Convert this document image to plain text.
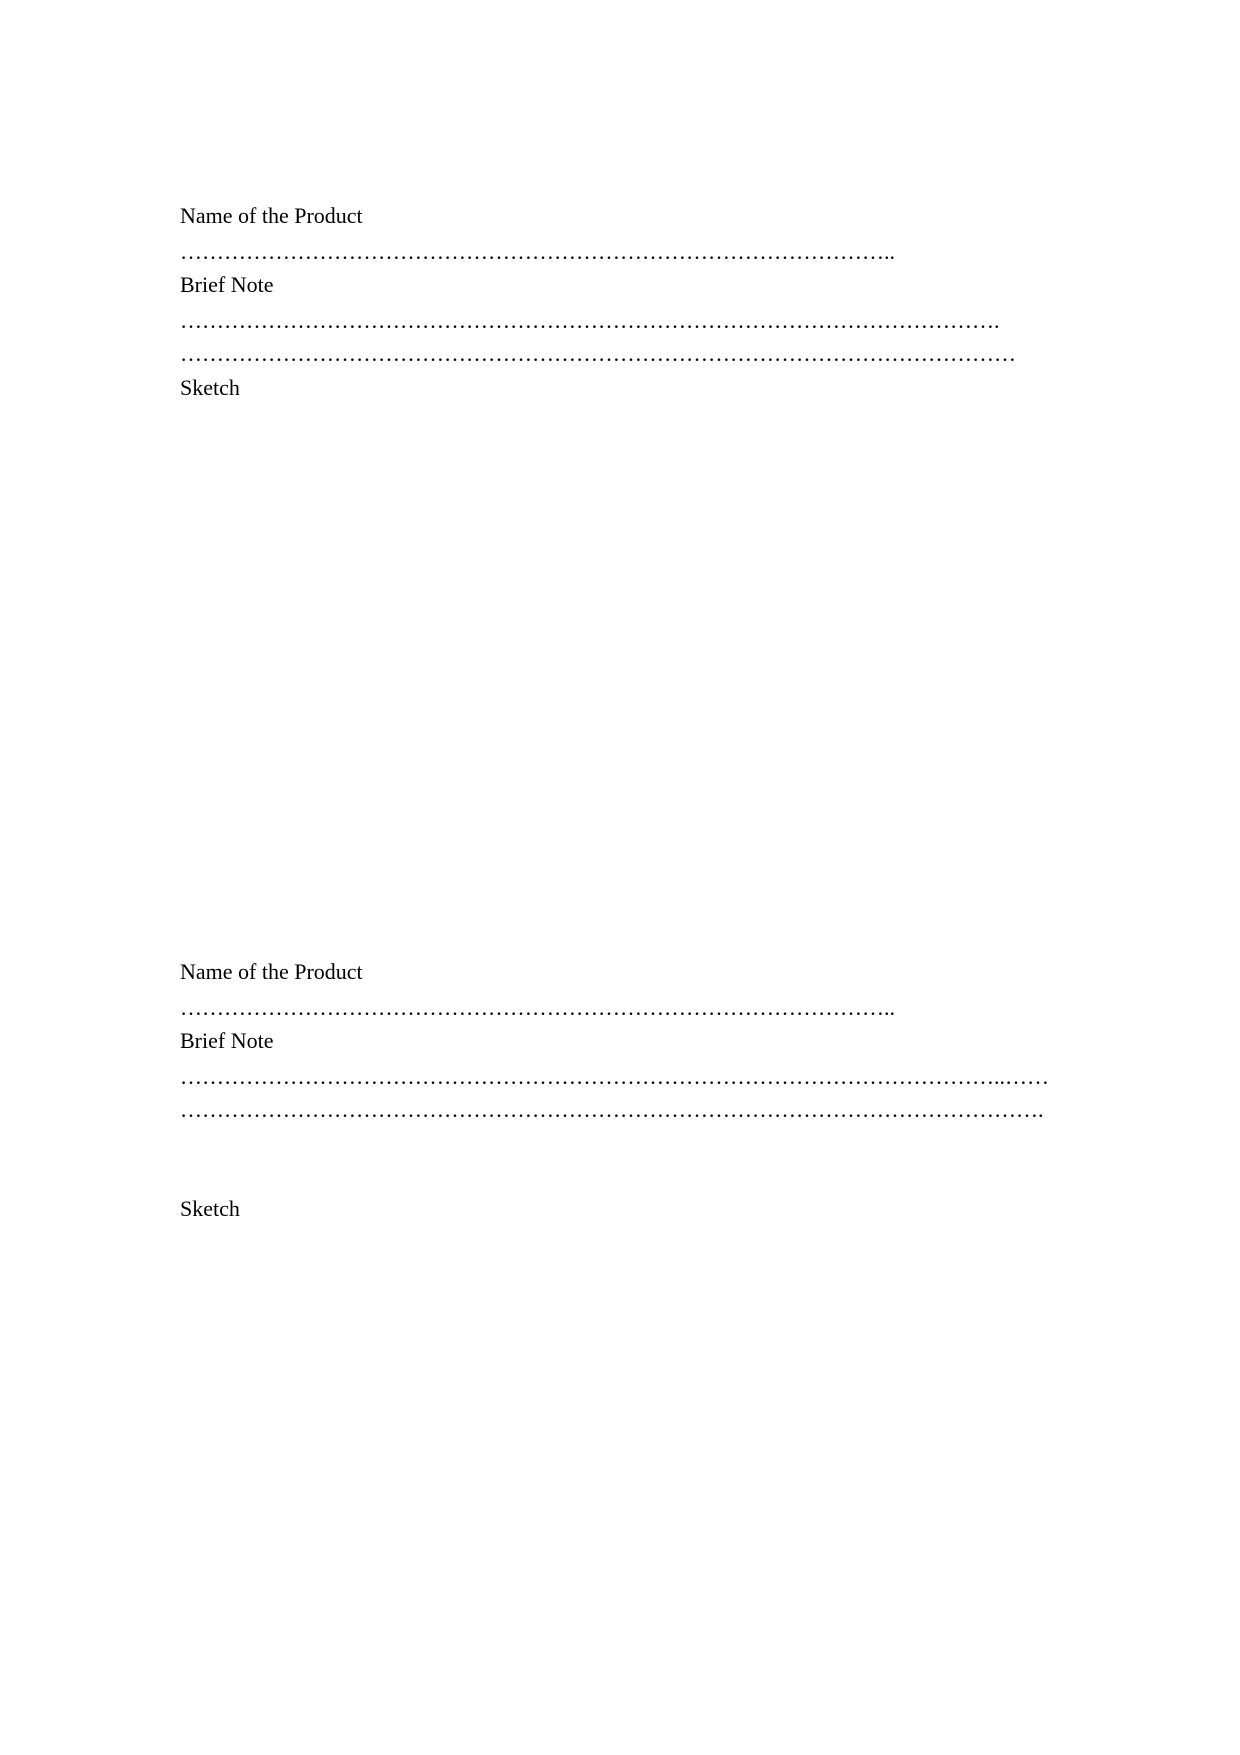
Name of the Product
……………………………………………………………………………………..
Brief Note
………………………………………………………………………………………………….
……………………………………………………………………………………………………
Sketch
Name of the Product
……………………………………………………………………………………..
Brief Note
…………………………………………………………………………………………………..……
……………………………………………………………………………………………………….
Sketch
